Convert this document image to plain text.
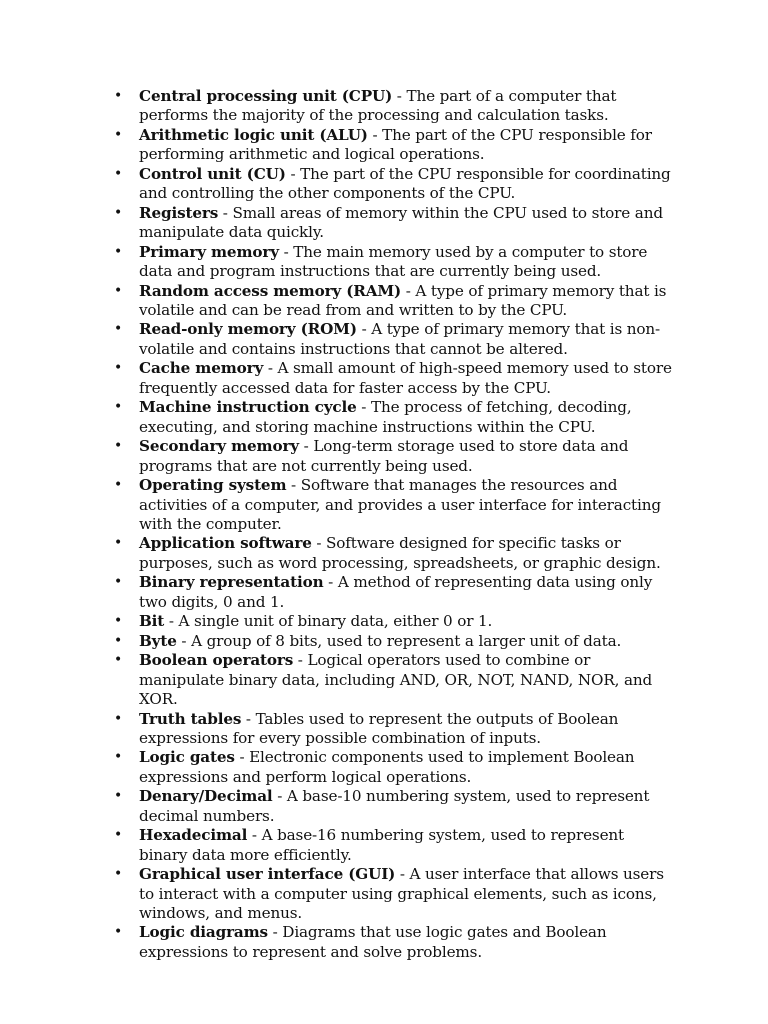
• Central processing unit (CPU) - The part of a computer that performs the majority of the processing and calculation tasks.
• Arithmetic logic unit (ALU) - The part of the CPU responsible for performing arithmetic and logical operations.
• Control unit (CU) - The part of the CPU responsible for coordinating and controlling the other components of the CPU.
• Registers - Small areas of memory within the CPU used to store and manipulate data quickly.
• Primary memory - The main memory used by a computer to store data and program instructions that are currently being used.
• Random access memory (RAM) - A type of primary memory that is volatile and can be read from and written to by the CPU.
• Read-only memory (ROM) - A type of primary memory that is non-volatile and contains instructions that cannot be altered.
• Cache memory - A small amount of high-speed memory used to store frequently accessed data for faster access by the CPU.
• Machine instruction cycle - The process of fetching, decoding, executing, and storing machine instructions within the CPU.
• Secondary memory - Long-term storage used to store data and programs that are not currently being used.
• Operating system - Software that manages the resources and activities of a computer, and provides a user interface for interacting with the computer.
• Application software - Software designed for specific tasks or purposes, such as word processing, spreadsheets, or graphic design.
• Binary representation - A method of representing data using only two digits, 0 and 1.
• Bit - A single unit of binary data, either 0 or 1.
• Byte - A group of 8 bits, used to represent a larger unit of data.
• Boolean operators - Logical operators used to combine or manipulate binary data, including AND, OR, NOT, NAND, NOR, and XOR.
• Truth tables - Tables used to represent the outputs of Boolean expressions for every possible combination of inputs.
• Logic gates - Electronic components used to implement Boolean expressions and perform logical operations.
• Denary/Decimal - A base-10 numbering system, used to represent decimal numbers.
• Hexadecimal - A base-16 numbering system, used to represent binary data more efficiently.
• Graphical user interface (GUI) - A user interface that allows users to interact with a computer using graphical elements, such as icons, windows, and menus.
• Logic diagrams - Diagrams that use logic gates and Boolean expressions to represent and solve problems.
